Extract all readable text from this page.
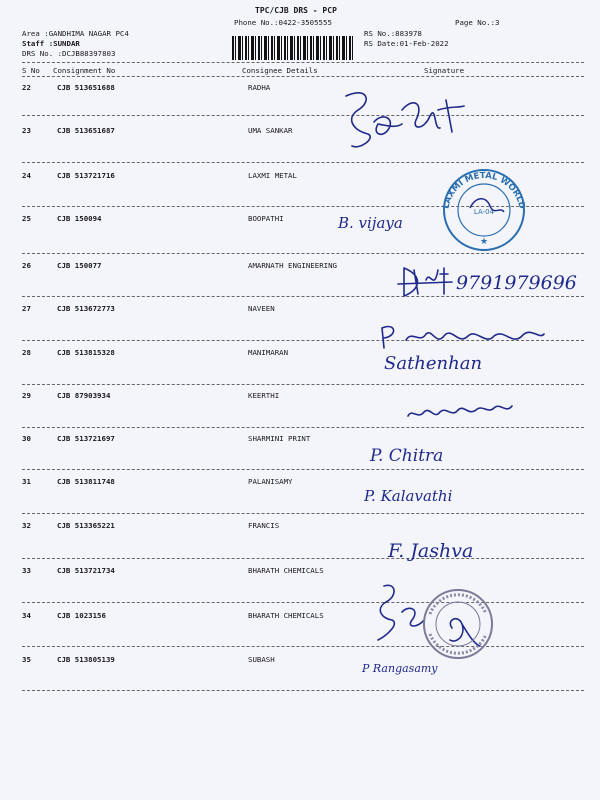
TPC/CJB DRS - PCP
Phone No.:0422-3505555	Page No.:3
Area :GANDHIMA NAGAR PC4
Staff :SUNDAR
DRS No. :DCJB88397803
RS No.:883978
RS Date:01-Feb-2022
S No Consignment No	Consignee Details	Signature
22	CJB 513651688	RADHA
23	CJB 513651687	UMA SANKAR
24	CJB 513721716	LAXMI METAL
25	CJB 150094	BOOPATHI
26	CJB 150077	AMARNATH ENGINEERING
27	CJB 513672773	NAVEEN
28	CJB 513815328	MANIMARAN
29	CJB 87903934	KEERTHI
30	CJB 513721697	SHARMINI PRINT
31	CJB 513811748	PALANISAMY
32	CJB 513365221	FRANCIS
33	CJB 513721734	BHARATH CHEMICALS
34	CJB 1023156	BHARATH CHEMICALS
35	CJB 513805139	SUBASH
LAXMI METAL WORLD
LA-04
★
B. vijaya
9791979696
Sathenhan
P. Chitra
P. Kalavathi
F. Jashva
P Rangasamy
